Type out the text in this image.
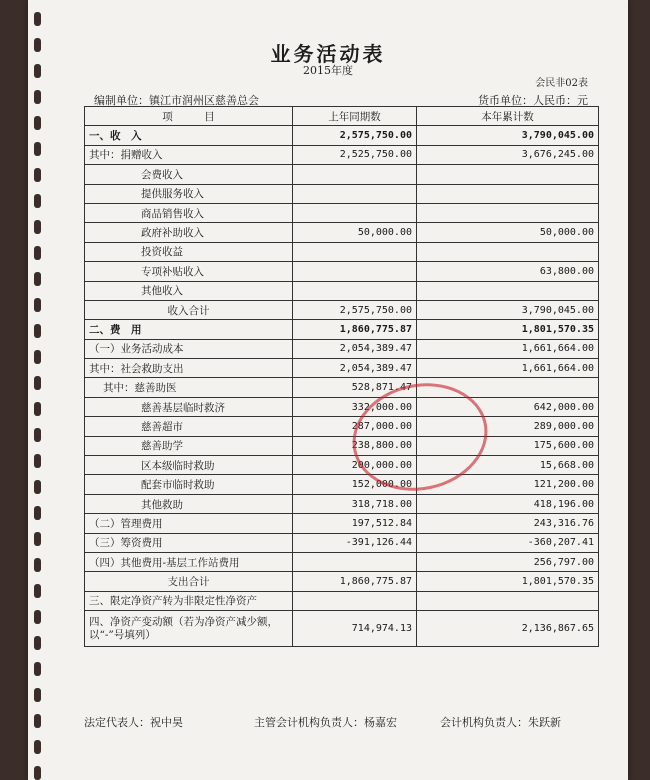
业务活动表
2015年度
会民非02表
编制单位：镇江市润州区慈善总会	货币单位：人民币：元
项　　　目	上年同期数	本年累计数
一、收　入	2,575,750.00	3,790,045.00
其中：捐赠收入	2,525,750.00	3,676,245.00
会费收入		
提供服务收入		
商品销售收入		
政府补助收入	50,000.00	50,000.00
投资收益		
专项补贴收入		63,800.00
其他收入		
收入合计	2,575,750.00	3,790,045.00
二、费　用	1,860,775.87	1,801,570.35
（一）业务活动成本	2,054,389.47	1,661,664.00
其中：社会救助支出	2,054,389.47	1,661,664.00
其中：慈善助医	528,871.47	
慈善基层临时救济	332,000.00	642,000.00
慈善超市	287,000.00	289,000.00
慈善助学	238,800.00	175,600.00
区本级临时救助	200,000.00	15,668.00
配套市临时救助	152,000.00	121,200.00
其他救助	318,718.00	418,196.00
（二）管理费用	197,512.84	243,316.76
（三）筹资费用	-391,126.44	-360,207.41
（四）其他费用-基层工作站费用		256,797.00
支出合计	1,860,775.87	1,801,570.35
三、限定净资产转为非限定性净资产		
四、净资产变动额（若为净资产减少额，以“-”号填列）	714,974.13	2,136,867.65
法定代表人：祝中昊	主管会计机构负责人：杨嘉宏	会计机构负责人：朱跃新
